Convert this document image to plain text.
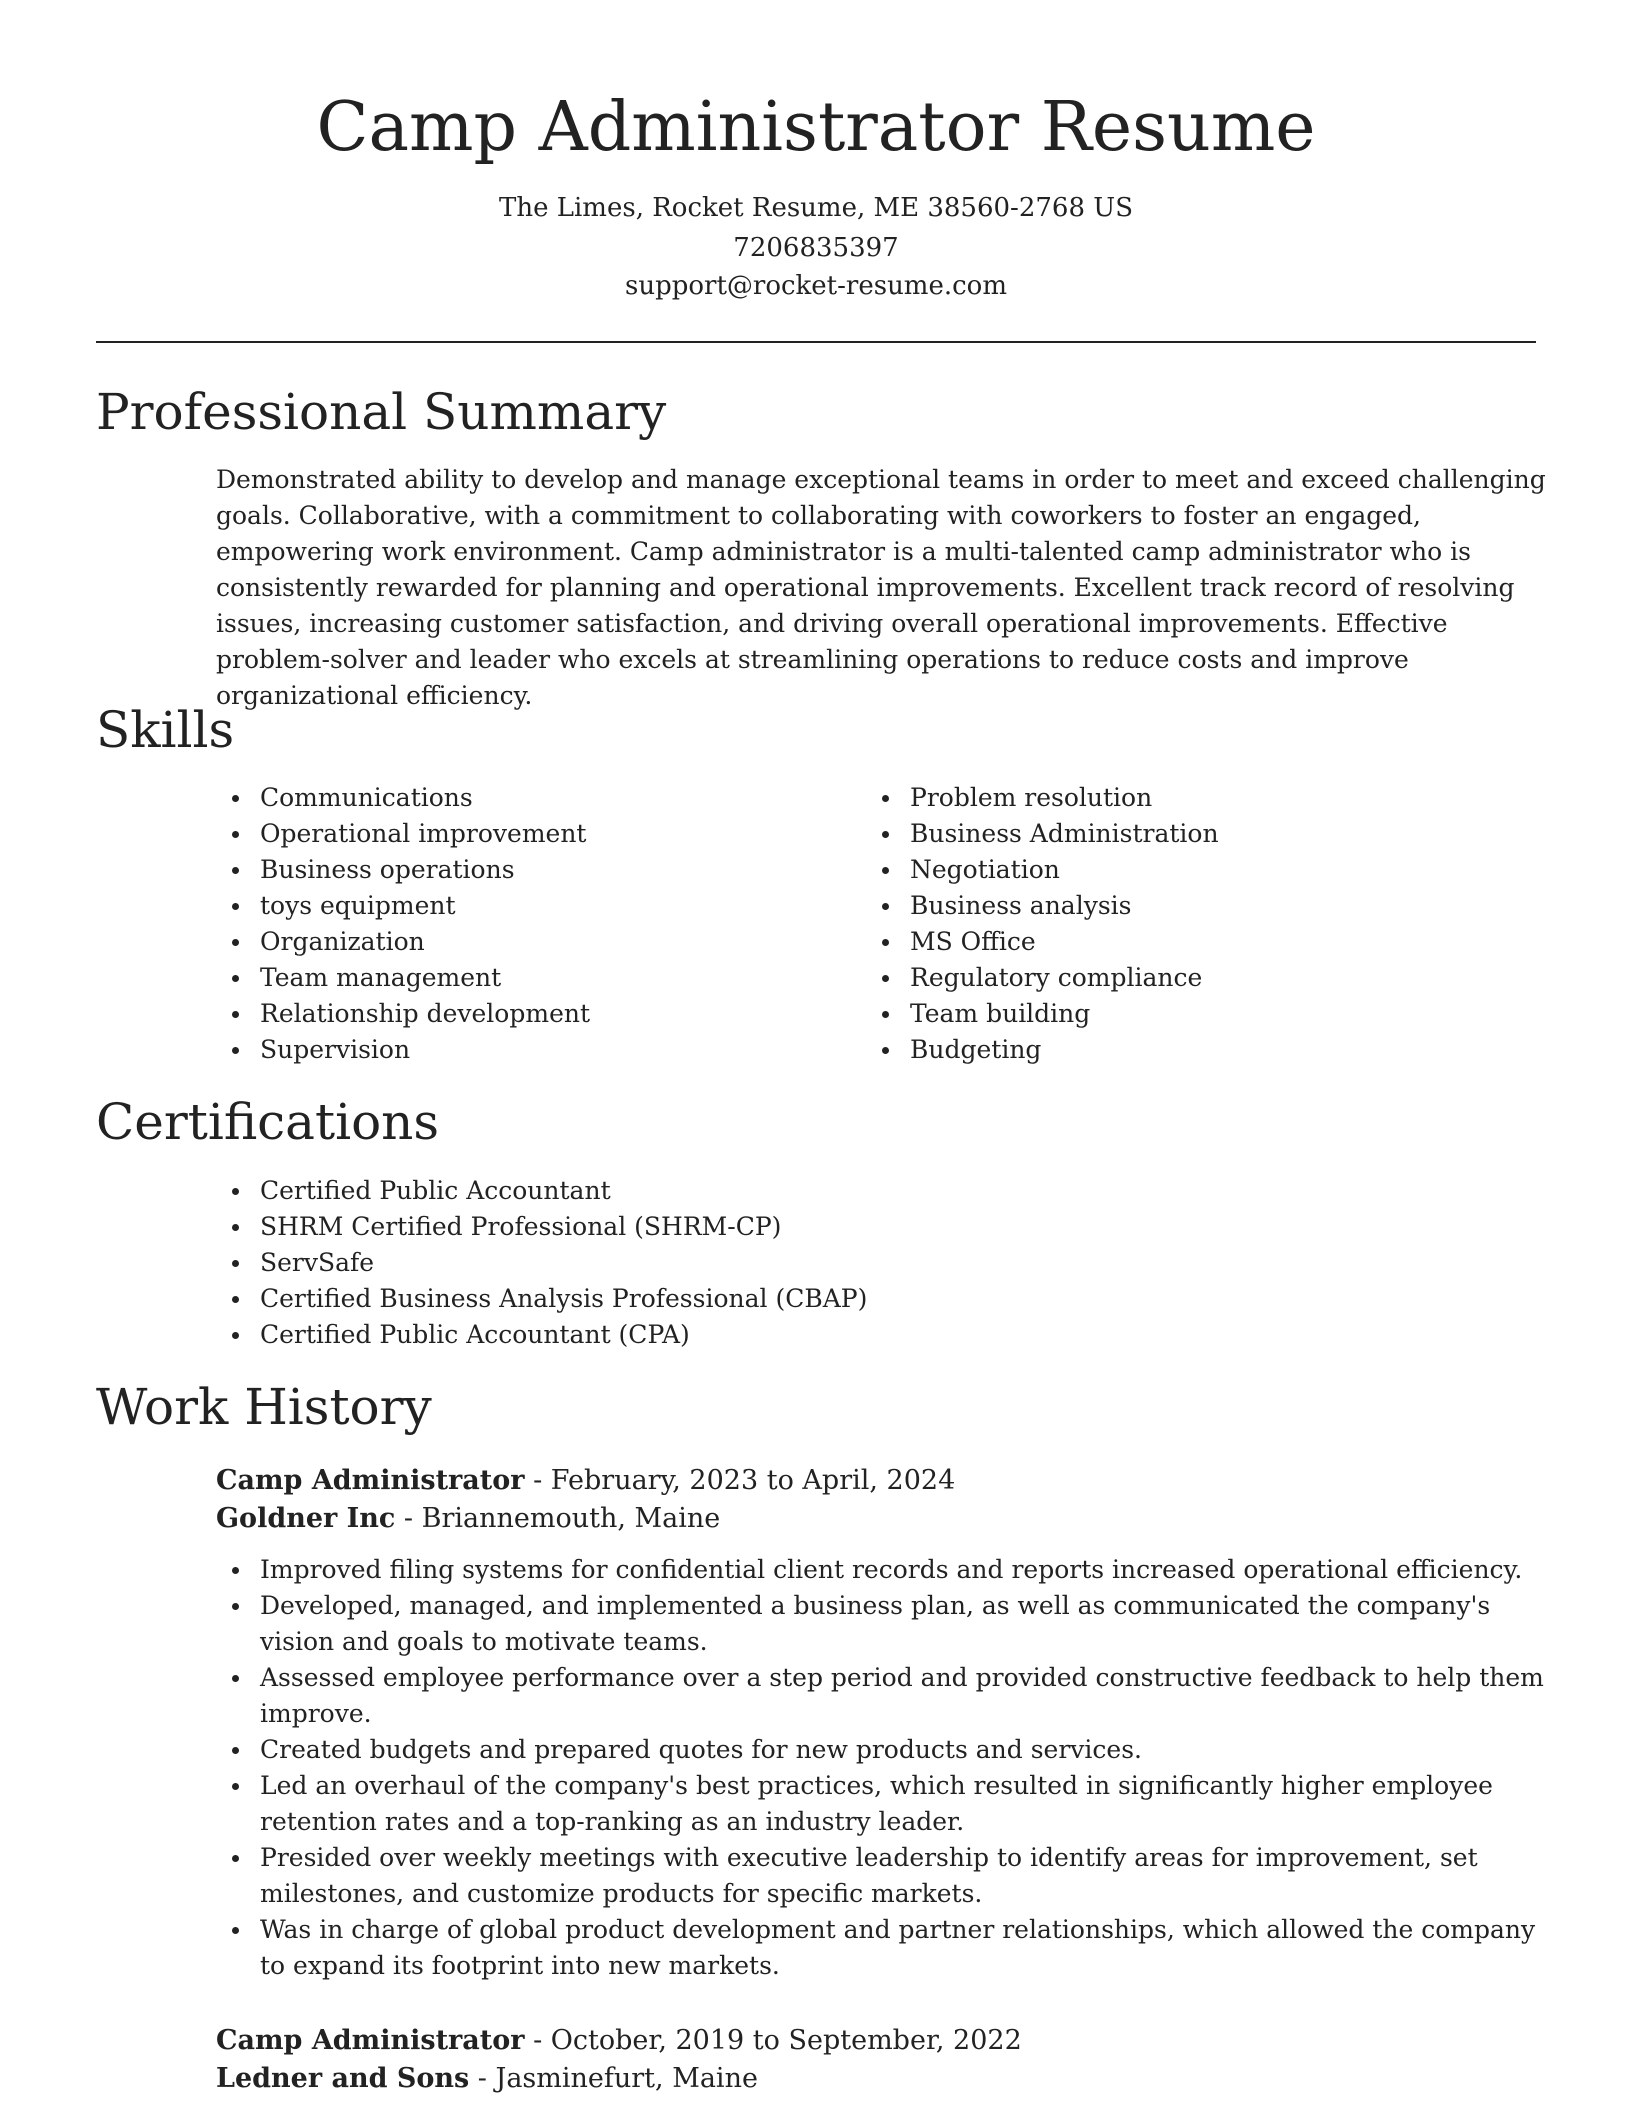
Camp Administrator Resume
The Limes, Rocket Resume, ME 38560-2768 US
7206835397
support@rocket-resume.com
Professional Summary

Demonstrated ability to develop and manage exceptional teams in order to meet and exceed challenging goals. Collaborative, with a commitment to collaborating with coworkers to foster an engaged, empowering work environment. Camp administrator is a multi-talented camp administrator who is consistently rewarded for planning and operational improvements. Excellent track record of resolving issues, increasing customer satisfaction, and driving overall operational improvements. Effective problem-solver and leader who excels at streamlining operations to reduce costs and improve organizational efficiency.

Skills
Communications
Operational improvement
Business operations
toys equipment
Organization
Team management
Relationship development
Supervision
Problem resolution
Business Administration
Negotiation
Business analysis
MS Office
Regulatory compliance
Team building
Budgeting
Certifications
Certified Public Accountant
SHRM Certified Professional (SHRM-CP)
ServSafe
Certified Business Analysis Professional (CBAP)
Certified Public Accountant (CPA)
Work History
Camp Administrator - February, 2023 to April, 2024
Goldner Inc - Briannemouth, Maine
Improved filing systems for confidential client records and reports increased operational efficiency.
Developed, managed, and implemented a business plan, as well as communicated the company's vision and goals to motivate teams.
Assessed employee performance over a step period and provided constructive feedback to help them improve.
Created budgets and prepared quotes for new products and services.
Led an overhaul of the company's best practices, which resulted in significantly higher employee retention rates and a top-ranking as an industry leader.
Presided over weekly meetings with executive leadership to identify areas for improvement, set milestones, and customize products for specific markets.
Was in charge of global product development and partner relationships, which allowed the company to expand its footprint into new markets.
Camp Administrator - October, 2019 to September, 2022
Ledner and Sons - Jasminefurt, Maine
